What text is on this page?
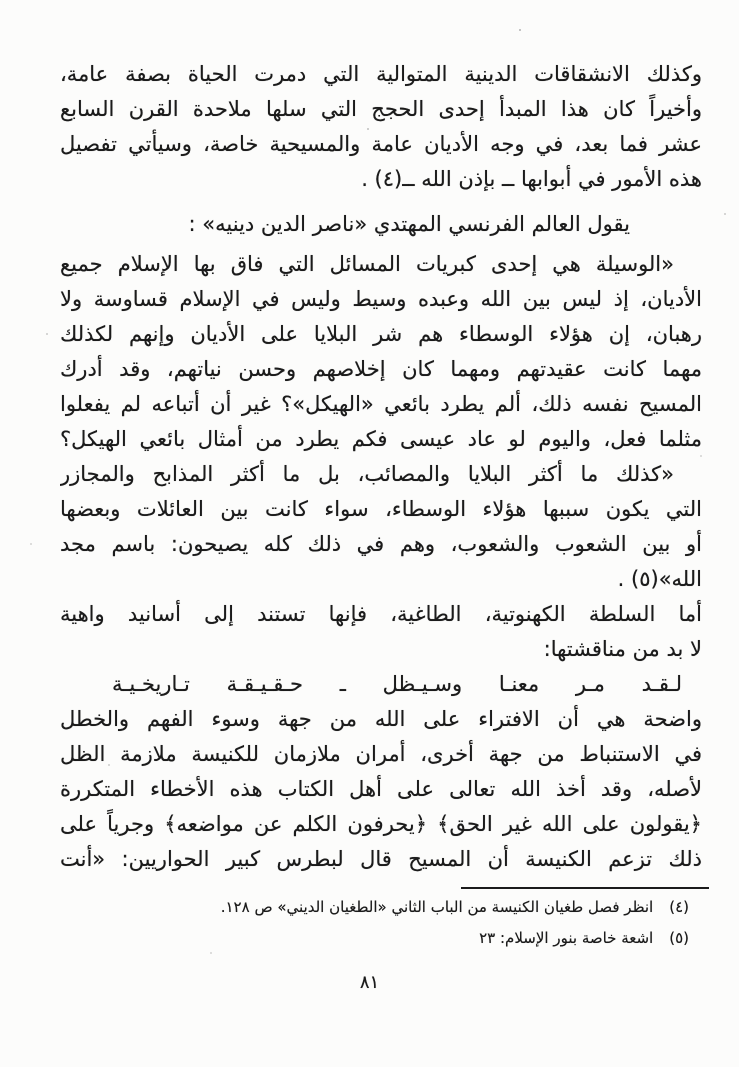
وكذلك الانشقاقات الدينية المتوالية التي دمرت الحياة بصفة عامة،
وأخيراً كان هذا المبدأ إحدى الحجج التي سلها ملاحدة القرن السابع
عشر فما بعد، في وجه الأديان عامة والمسيحية خاصة، وسيأتي تفصيل
هذه الأمور في أبوابها ــ بإذن الله ــ(٤) .
يقول العالم الفرنسي المهتدي «ناصر الدين دينيه» :
«الوسيلة هي إحدى كبريات المسائل التي فاق بها الإسلام جميع
الأديان، إذ ليس بين الله وعبده وسيط وليس في الإسلام قساوسة ولا
رهبان، إن هؤلاء الوسطاء هم شر البلايا على الأديان وإنهم لكذلك
مهما كانت عقيدتهم ومهما كان إخلاصهم وحسن نياتهم، وقد أدرك
المسيح نفسه ذلك، ألم يطرد بائعي «الهيكل»؟ غير أن أتباعه لم يفعلوا
مثلما فعل، واليوم لو عاد عيسى فكم يطرد من أمثال بائعي الهيكل؟
«كذلك ما أكثر البلايا والمصائب، بل ما أكثر المذابح والمجازر
التي يكون سببها هؤلاء الوسطاء، سواء كانت بين العائلات وبعضها
أو بين الشعوب والشعوب، وهم في ذلك كله يصيحون: باسم مجد
الله»(٥) .
أما السلطة الكهنوتية، الطاغية، فإنها تستند إلى أسانيد واهية
لا بد من مناقشتها:
لـقـد مـر معنـا وسـيـظل ـ حـقـيـقـة تـاريخـيـة
واضحة هي أن الافتراء على الله من جهة وسوء الفهم والخطل
في الاستنباط من جهة أخرى، أمران ملازمان للكنيسة ملازمة الظل
لأصله، وقد أخذ الله تعالى على أهل الكتاب هذه الأخطاء المتكررة
﴿يقولون على الله غير الحق﴾ ﴿يحرفون الكلم عن مواضعه﴾ وجرياً على
ذلك تزعم الكنيسة أن المسيح قال لبطرس كبير الحواريين: «أنت
(٤)انظر فصل طغيان الكنيسة من الباب الثاني «الطغيان الديني» ص ١٢٨.
(٥)اشعة خاصة بنور الإسلام: ٢٣
٨١
